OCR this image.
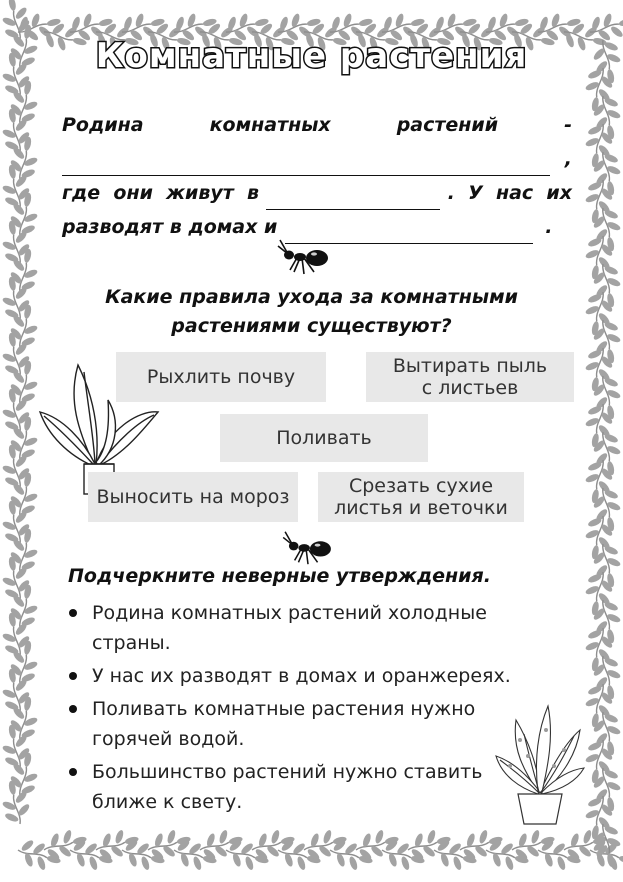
Комнатные растения
Родина	комнатных	растений	-
,
где  они  живут  в	.  У  нас  их
разводят в домах и	.
Какие правила ухода за комнатными
растениями существуют?
Рыхлить почву	Вытирать пыль
с листьев
Поливать
Выносить на мороз	Срезать сухие
листья и веточки
Подчеркните неверные утверждения.
Родина комнатных растений холодные
страны.
У нас их разводят в домах и оранжереях.
Поливать комнатные растения нужно
горячей водой.
Большинство растений нужно ставить
ближе к свету.
